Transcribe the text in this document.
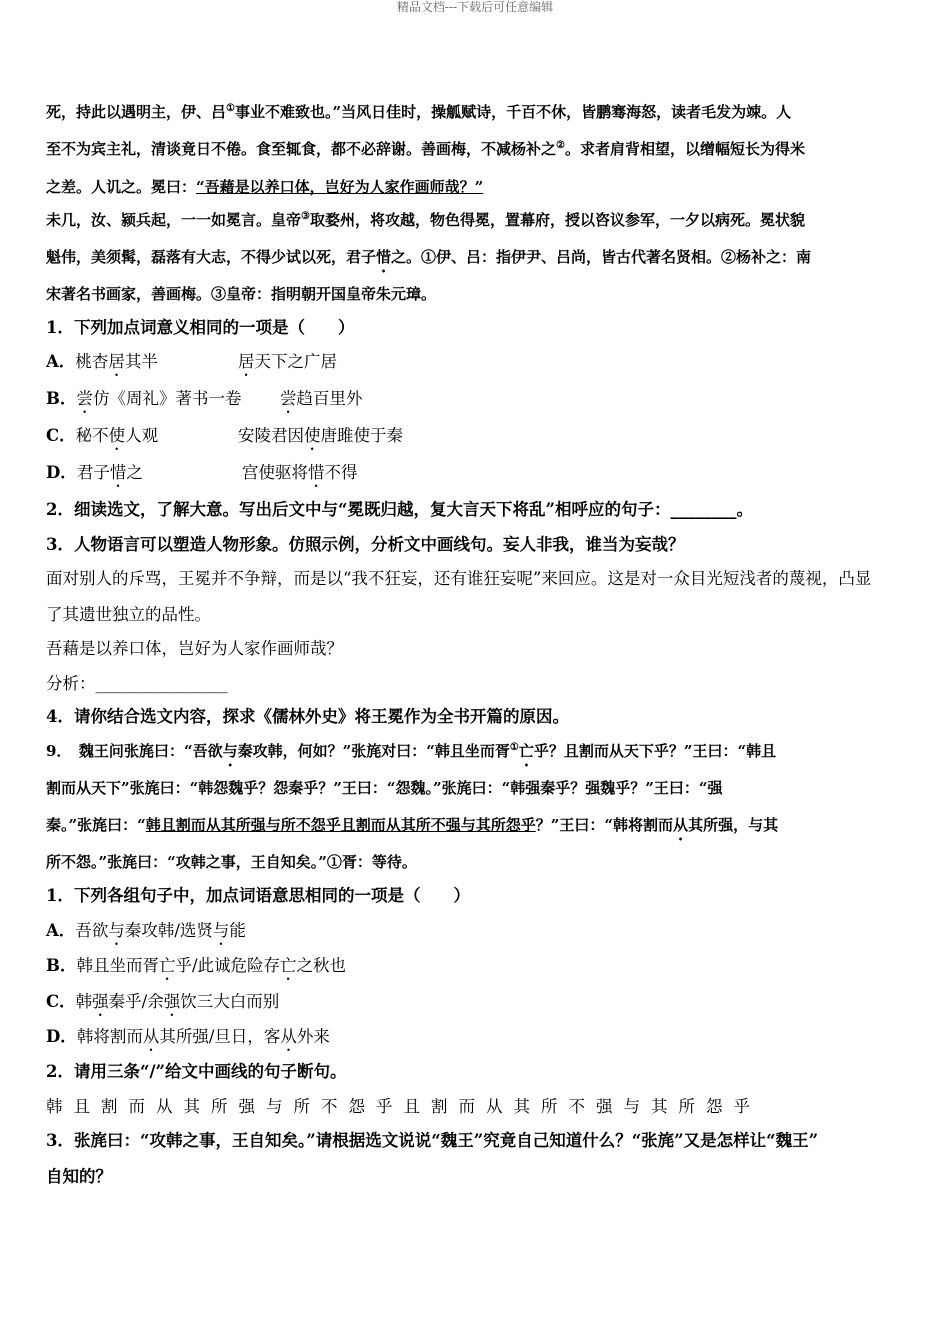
精品文档---下载后可任意编辑
死，持此以遇明主，伊、吕①事业不难致也。”当风日佳时，操觚赋诗，千百不休，皆鹏骞海怒，读者毛发为竦。人
至不为宾主礼，清谈竟日不倦。食至辄食，都不必辞谢。善画梅，不减杨补之②。求者肩背相望，以缯幅短长为得米
之差。人讥之。冕曰：“吾藉是以养口体，岂好为人家作画师哉？”
未几，汝、颍兵起，一一如冕言。皇帝③取婺州，将攻越，物色得冕，置幕府，授以咨议参军，一夕以病死。冕状貌
魁伟，美须髯，磊落有大志，不得少试以死，君子惜之。①伊、吕：指伊尹、吕尚，皆古代著名贤相。②杨补之：南
宋著名书画家，善画梅。③皇帝：指明朝开国皇帝朱元璋。
1．下列加点词意义相同的一项是（　　）
A．桃杏居其半	居天下之广居
B．尝仿《周礼》著书一卷 尝趋百里外
C．秘不使人观	安陵君因使唐雎使于秦
D．君子惜之	宫使驱将惜不得
2．细读选文，了解大意。写出后文中与“冕既归越，复大言天下将乱”相呼应的句子：________。
3．人物语言可以塑造人物形象。仿照示例，分析文中画线句。妄人非我，谁当为妄哉？
面对别人的斥骂，王冕并不争辩，而是以“我不狂妄，还有谁狂妄呢”来回应。这是对一众目光短浅者的蔑视，凸显
了其遗世独立的品性。
吾藉是以养口体，岂好为人家作画师哉？
分析：________________
4．请你结合选文内容，探求《儒林外史》将王冕作为全书开篇的原因。
9．　魏王问张旄曰：“吾欲与秦攻韩，何如？”张旄对曰：“韩且坐而胥①亡乎？且割而从天下乎？”王曰：“韩且
割而从天下”张旄曰：“韩怨魏乎？怨秦乎？”王曰：“怨魏。”张旄曰：“韩强秦乎？强魏乎？”王曰：“强
秦。”张旄曰：“韩且割而从其所强与所不怨乎且割而从其所不强与其所怨乎？”王曰：“韩将割而从其所强，与其
所不怨。”张旄曰：“攻韩之事，王自知矣。”①胥：等待。
1．下列各组句子中，加点词语意思相同的一项是（　　）
A．吾欲与秦攻韩/选贤与能
B．韩且坐而胥亡乎/此诚危险存亡之秋也
C．韩强秦乎/余强饮三大白而别
D．韩将割而从其所强/旦日，客从外来
2．请用三条“/”给文中画线的句子断句。
韩且割而从其所强与所不怨乎且割而从其所不强与其所怨乎
3．张旄曰：“攻韩之事，王自知矣。”请根据选文说说“魏王”究竟自己知道什么？“张旄”又是怎样让“魏王”
自知的？
